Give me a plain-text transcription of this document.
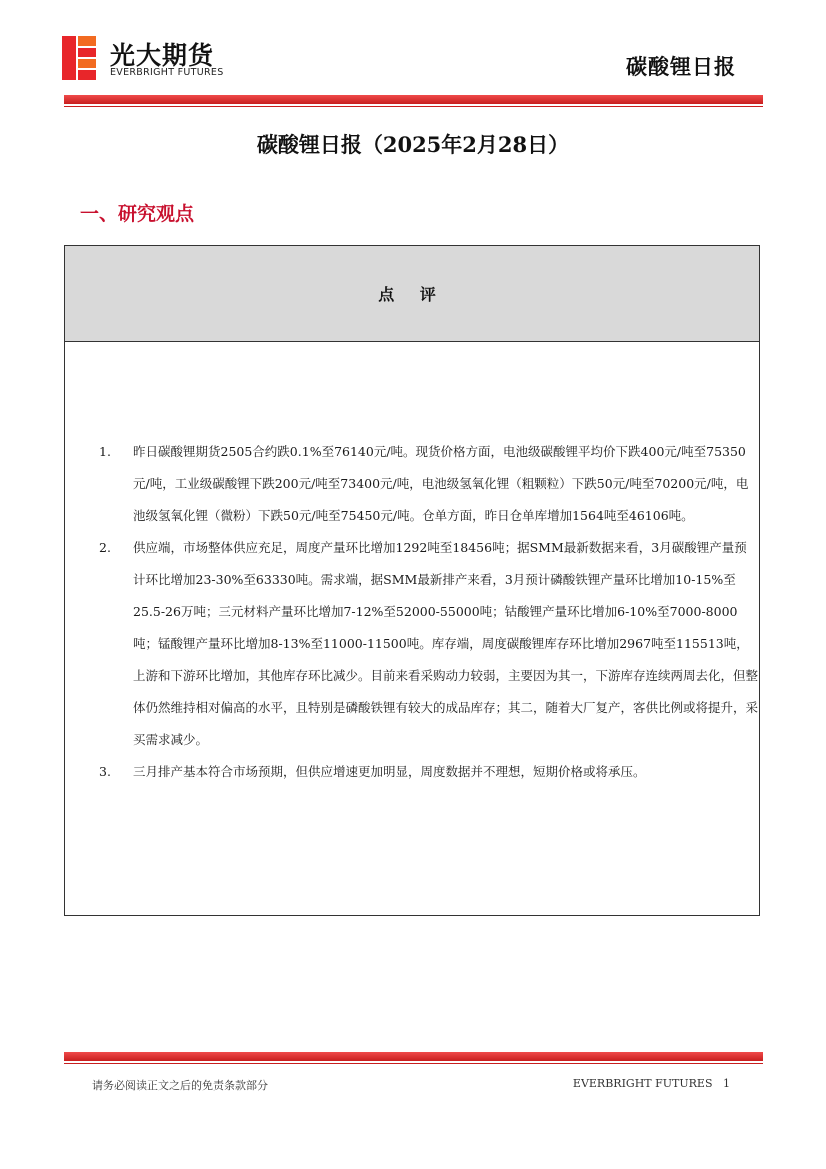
光大期货
EVERBRIGHT FUTURES	碳酸锂日报
碳酸锂日报（2025年2月28日）
一、研究观点
点 评
1. 昨日碳酸锂期货2505合约跌0.1%至76140元/吨。现货价格方面，电池级碳酸锂平均价下跌400元/吨至75350元/吨，工业级碳酸锂下跌200元/吨至73400元/吨，电池级氢氧化锂（粗颗粒）下跌50元/吨至70200元/吨，电池级氢氧化锂（微粉）下跌50元/吨至75450元/吨。仓单方面，昨日仓单库增加1564吨至46106吨。
2. 供应端，市场整体供应充足，周度产量环比增加1292吨至18456吨；据SMM最新数据来看，3月碳酸锂产量预计环比增加23-30%至63330吨。需求端，据SMM最新排产来看，3月预计磷酸铁锂产量环比增加10-15%至25.5-26万吨；三元材料产量环比增加7-12%至52000-55000吨；钴酸锂产量环比增加6-10%至7000-8000吨；锰酸锂产量环比增加8-13%至11000-11500吨。库存端，周度碳酸锂库存环比增加2967吨至115513吨，上游和下游环比增加，其他库存环比减少。目前来看采购动力较弱，主要因为其一，下游库存连续两周去化，但整体仍然维持相对偏高的水平，且特别是磷酸铁锂有较大的成品库存；其二，随着大厂复产，客供比例或将提升，采买需求减少。
3. 三月排产基本符合市场预期，但供应增速更加明显，周度数据并不理想，短期价格或将承压。
请务必阅读正文之后的免责条款部分	EVERBRIGHT FUTURES 1
